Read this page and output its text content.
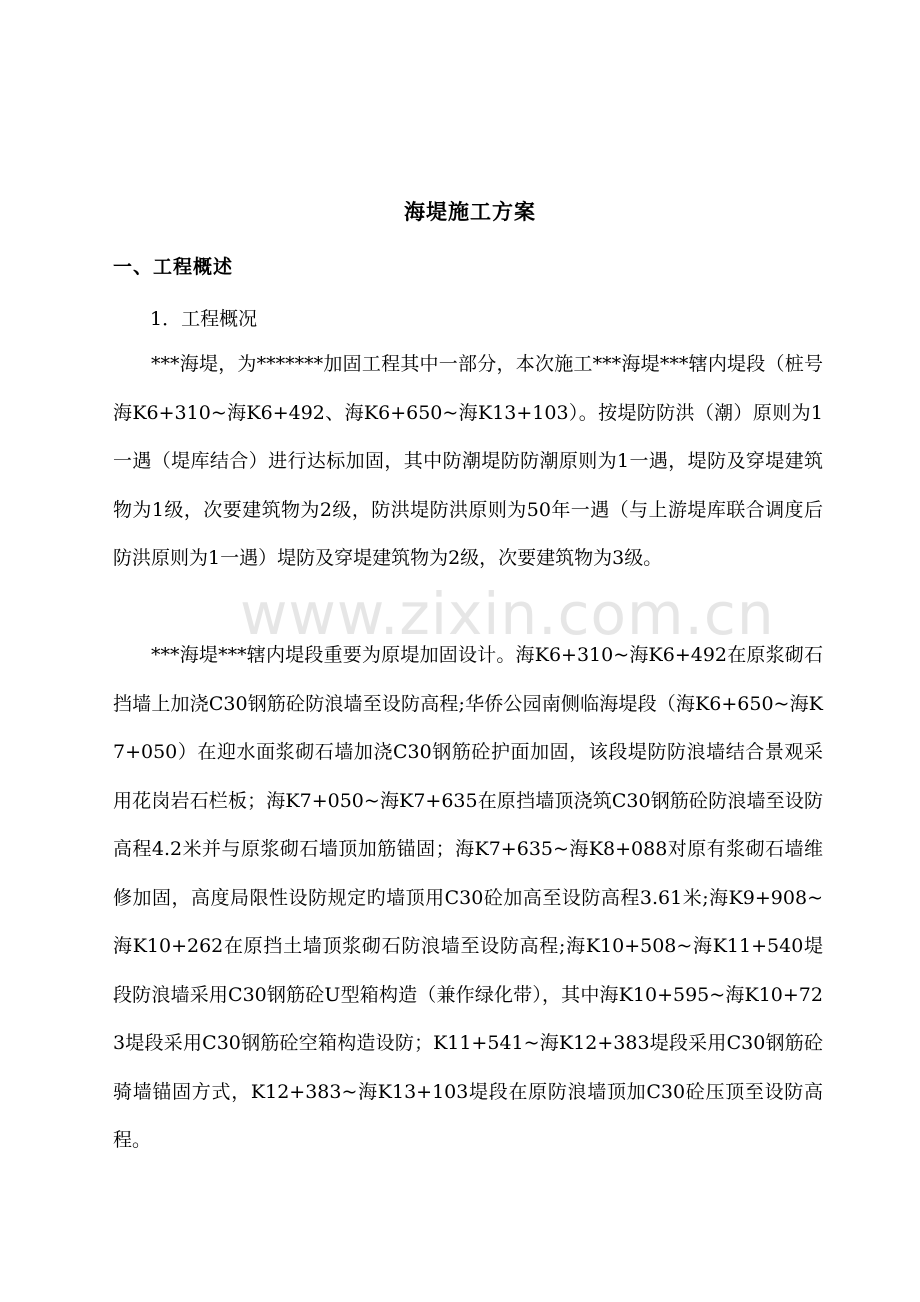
www.zixin.com.cn
海堤施工方案
一、工程概述
1．工程概况

***海堤，为*******加固工程其中一部分，本次施工***海堤***辖内堤段（桩号海K6+310~海K6+492、海K6+650~海K13+103）。按堤防防洪（潮）原则为1一遇（堤库结合）进行达标加固，其中防潮堤防防潮原则为1一遇，堤防及穿堤建筑物为1级，次要建筑物为2级，防洪堤防洪原则为50年一遇（与上游堤库联合调度后防洪原则为1一遇）堤防及穿堤建筑物为2级，次要建筑物为3级。

***海堤***辖内堤段重要为原堤加固设计。海K6+310~海K6+492在原浆砌石挡墙上加浇C30钢筋砼防浪墙至设防高程;华侨公园南侧临海堤段（海K6+650~海K7+050）在迎水面浆砌石墙加浇C30钢筋砼护面加固，该段堤防防浪墙结合景观采用花岗岩石栏板；海K7+050~海K7+635在原挡墙顶浇筑C30钢筋砼防浪墙至设防高程4.2米并与原浆砌石墙顶加筋锚固；海K7+635~海K8+088对原有浆砌石墙维修加固，高度局限性设防规定旳墙顶用C30砼加高至设防高程3.61米;海K9+908~海K10+262在原挡土墙顶浆砌石防浪墙至设防高程;海K10+508~海K11+540堤段防浪墙采用C30钢筋砼U型箱构造（兼作绿化带），其中海K10+595~海K10+723堤段采用C30钢筋砼空箱构造设防；K11+541~海K12+383堤段采用C30钢筋砼骑墙锚固方式，K12+383~海K13+103堤段在原防浪墙顶加C30砼压顶至设防高程。
